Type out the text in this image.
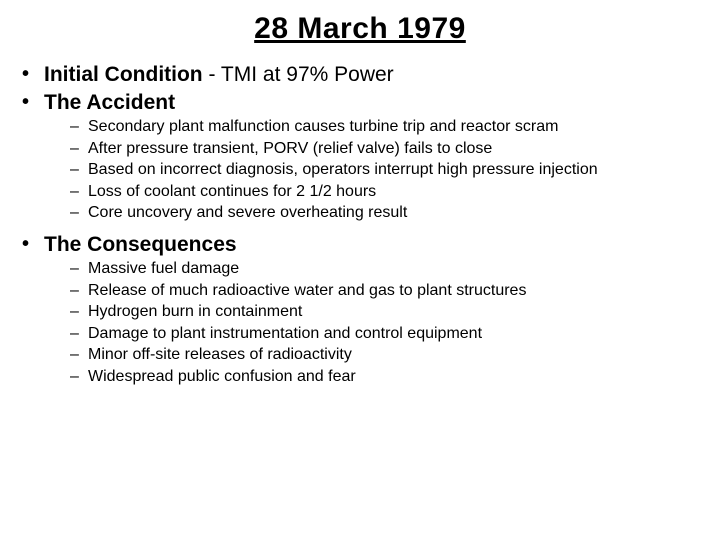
28 March 1979
• Initial Condition - TMI at 97% Power
• The Accident
– Secondary plant malfunction causes turbine trip and reactor scram
– After pressure transient, PORV (relief valve) fails to close
– Based on incorrect diagnosis, operators interrupt high pressure injection
– Loss of coolant continues for 2 1/2 hours
– Core uncovery and severe overheating result
• The Consequences
– Massive fuel damage
– Release of much radioactive water and gas to plant structures
– Hydrogen burn in containment
– Damage to plant instrumentation and control equipment
– Minor off-site releases of radioactivity
– Widespread public confusion and fear
